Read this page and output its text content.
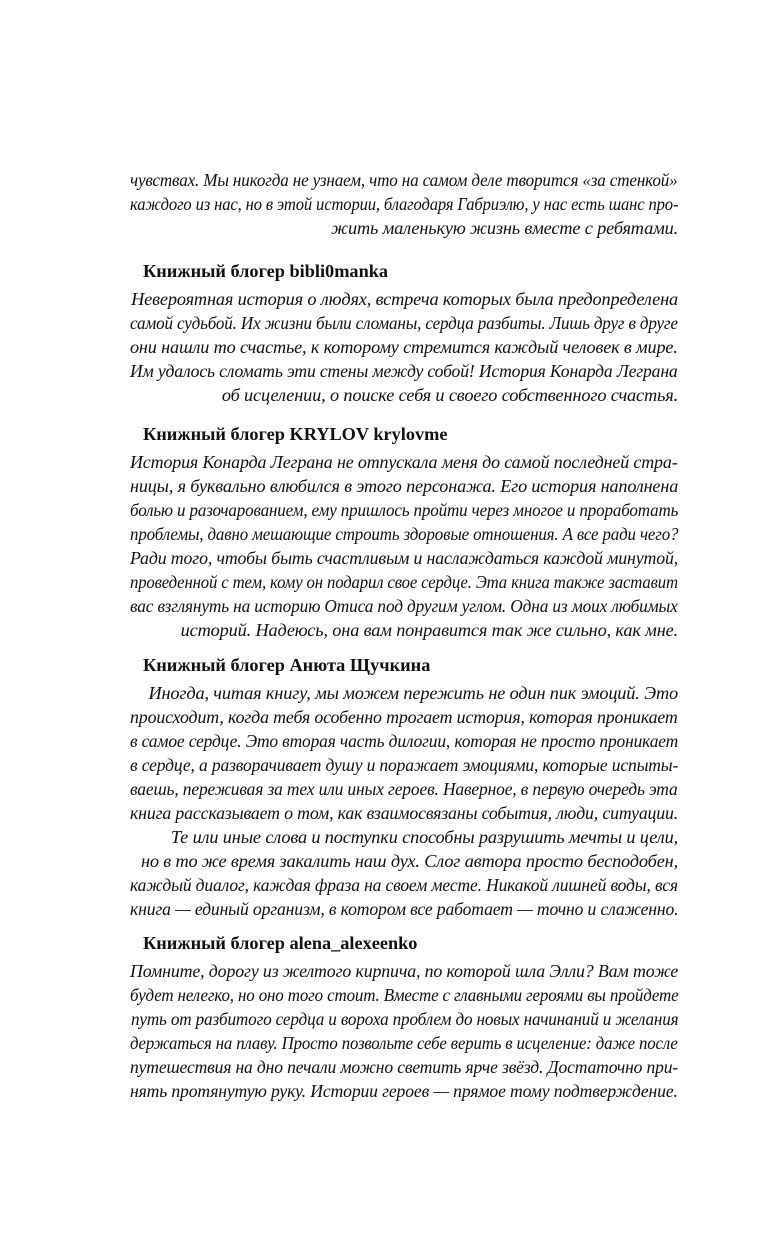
чувствах. Мы никогда не узнаем, что на самом деле творится «за стенкой»
каждого из нас, но в этой истории, благодаря Габриэлю, у нас есть шанс про-
жить маленькую жизнь вместе с ребятами.
Книжный блогер bibli0manka
Невероятная история о людях, встреча которых была предопределена
самой судьбой. Их жизни были сломаны, сердца разбиты. Лишь друг в друге
они нашли то счастье, к которому стремится каждый человек в мире.
Им удалось сломать эти стены между собой! История Конарда Леграна
об исцелении, о поиске себя и своего собственного счастья.
Книжный блогер KRYLOV krylovme
История Конарда Леграна не отпускала меня до самой последней стра-
ницы, я буквально влюбился в этого персонажа. Его история наполнена
болью и разочарованием, ему пришлось пройти через многое и проработать
проблемы, давно мешающие строить здоровые отношения. А все ради чего?
Ради того, чтобы быть счастливым и наслаждаться каждой минутой,
проведенной с тем, кому он подарил свое сердце. Эта книга также заставит
вас взглянуть на историю Отиса под другим углом. Одна из моих любимых
историй. Надеюсь, она вам понравится так же сильно, как мне.
Книжный блогер Анюта Щучкина
Иногда, читая книгу, мы можем пережить не один пик эмоций. Это
происходит, когда тебя особенно трогает история, которая проникает
в самое сердце. Это вторая часть дилогии, которая не просто проникает
в сердце, а разворачивает душу и поражает эмоциями, которые испыты-
ваешь, переживая за тех или иных героев. Наверное, в первую очередь эта
книга рассказывает о том, как взаимосвязаны события, люди, ситуации.
Те или иные слова и поступки способны разрушить мечты и цели,
но в то же время закалить наш дух. Слог автора просто бесподобен,
каждый диалог, каждая фраза на своем месте. Никакой лишней воды, вся
книга — единый организм, в котором все работает — точно и слаженно.
Книжный блогер alena_alexeenko
Помните, дорогу из желтого кирпича, по которой шла Элли? Вам тоже
будет нелегко, но оно того стоит. Вместе с главными героями вы пройдете
путь от разбитого сердца и вороха проблем до новых начинаний и желания
держаться на плаву. Просто позвольте себе верить в исцеление: даже после
путешествия на дно печали можно светить ярче звёзд. Достаточно при-
нять протянутую руку. Истории героев — прямое тому подтверждение.
